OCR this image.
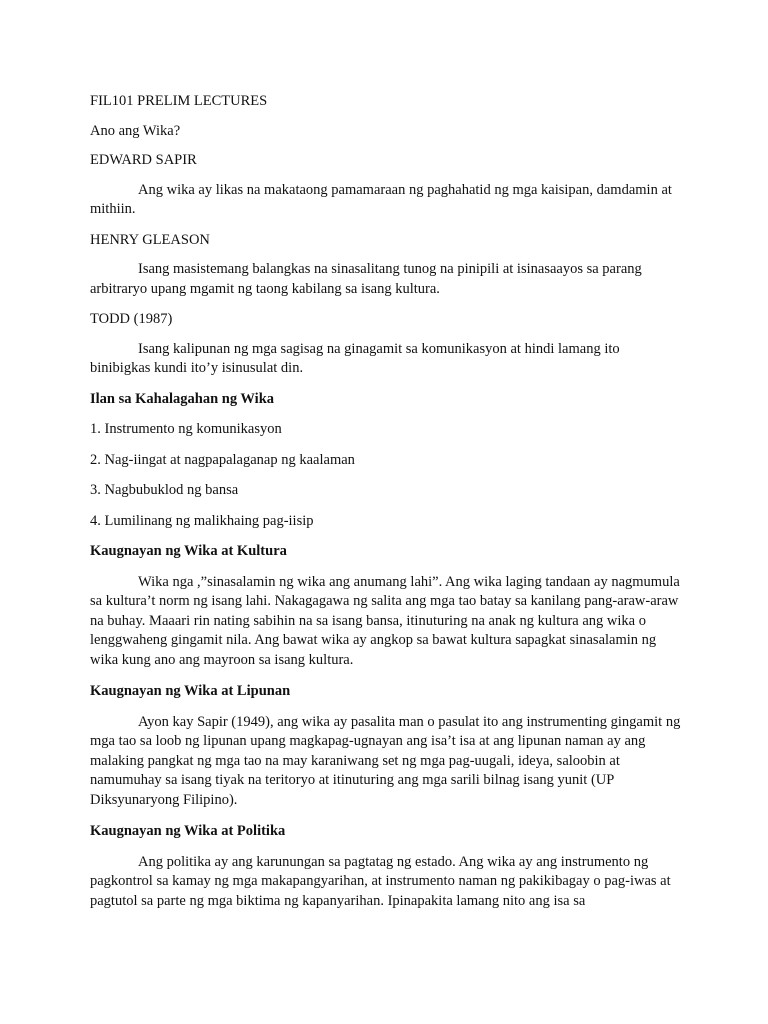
FIL101 PRELIM LECTURES

Ano ang Wika?

EDWARD SAPIR

Ang wika ay likas na makataong pamamaraan ng paghahatid ng mga kaisipan, damdamin at mithiin.

HENRY GLEASON

Isang masistemang balangkas na sinasalitang tunog na pinipili at isinasaayos sa parang arbitraryo upang mgamit ng taong kabilang sa isang kultura.

TODD (1987)

Isang kalipunan ng mga sagisag na ginagamit sa komunikasyon at hindi lamang ito binibigkas kundi ito’y isinusulat din.

Ilan sa Kahalagahan ng Wika

1. Instrumento ng komunikasyon

2. Nag-iingat at nagpapalaganap ng kaalaman

3. Nagbubuklod ng bansa

4. Lumilinang ng malikhaing pag-iisip

Kaugnayan ng Wika at Kultura

Wika nga ,”sinasalamin ng wika ang anumang lahi”. Ang wika laging tandaan ay nagmumula sa kultura’t norm ng isang lahi. Nakagagawa ng salita ang mga tao batay sa kanilang pang-araw-araw na buhay. Maaari rin nating sabihin na sa isang bansa, itinuturing na anak ng kultura ang wika o lenggwaheng gingamit nila. Ang bawat wika ay angkop sa bawat kultura sapagkat sinasalamin ng wika kung ano ang mayroon sa isang kultura.

Kaugnayan ng Wika at Lipunan

Ayon kay Sapir (1949), ang wika ay pasalita man o pasulat ito ang instrumenting gingamit ng mga tao sa loob ng lipunan upang magkapag-ugnayan ang isa’t isa at ang lipunan naman ay ang malaking pangkat ng mga tao na may karaniwang set ng mga pag-uugali, ideya, saloobin at namumuhay sa isang tiyak na teritoryo at itinuturing ang mga sarili bilnag isang yunit (UP Diksyunaryong Filipino).

Kaugnayan ng Wika at Politika

Ang politika ay ang karunungan sa pagtatag ng estado. Ang wika ay ang instrumento ng pagkontrol sa kamay ng mga makapangyarihan, at instrumento naman ng pakikibagay o pag-iwas at pagtutol sa parte ng mga biktima ng kapanyarihan. Ipinapakita lamang nito ang isa sa
